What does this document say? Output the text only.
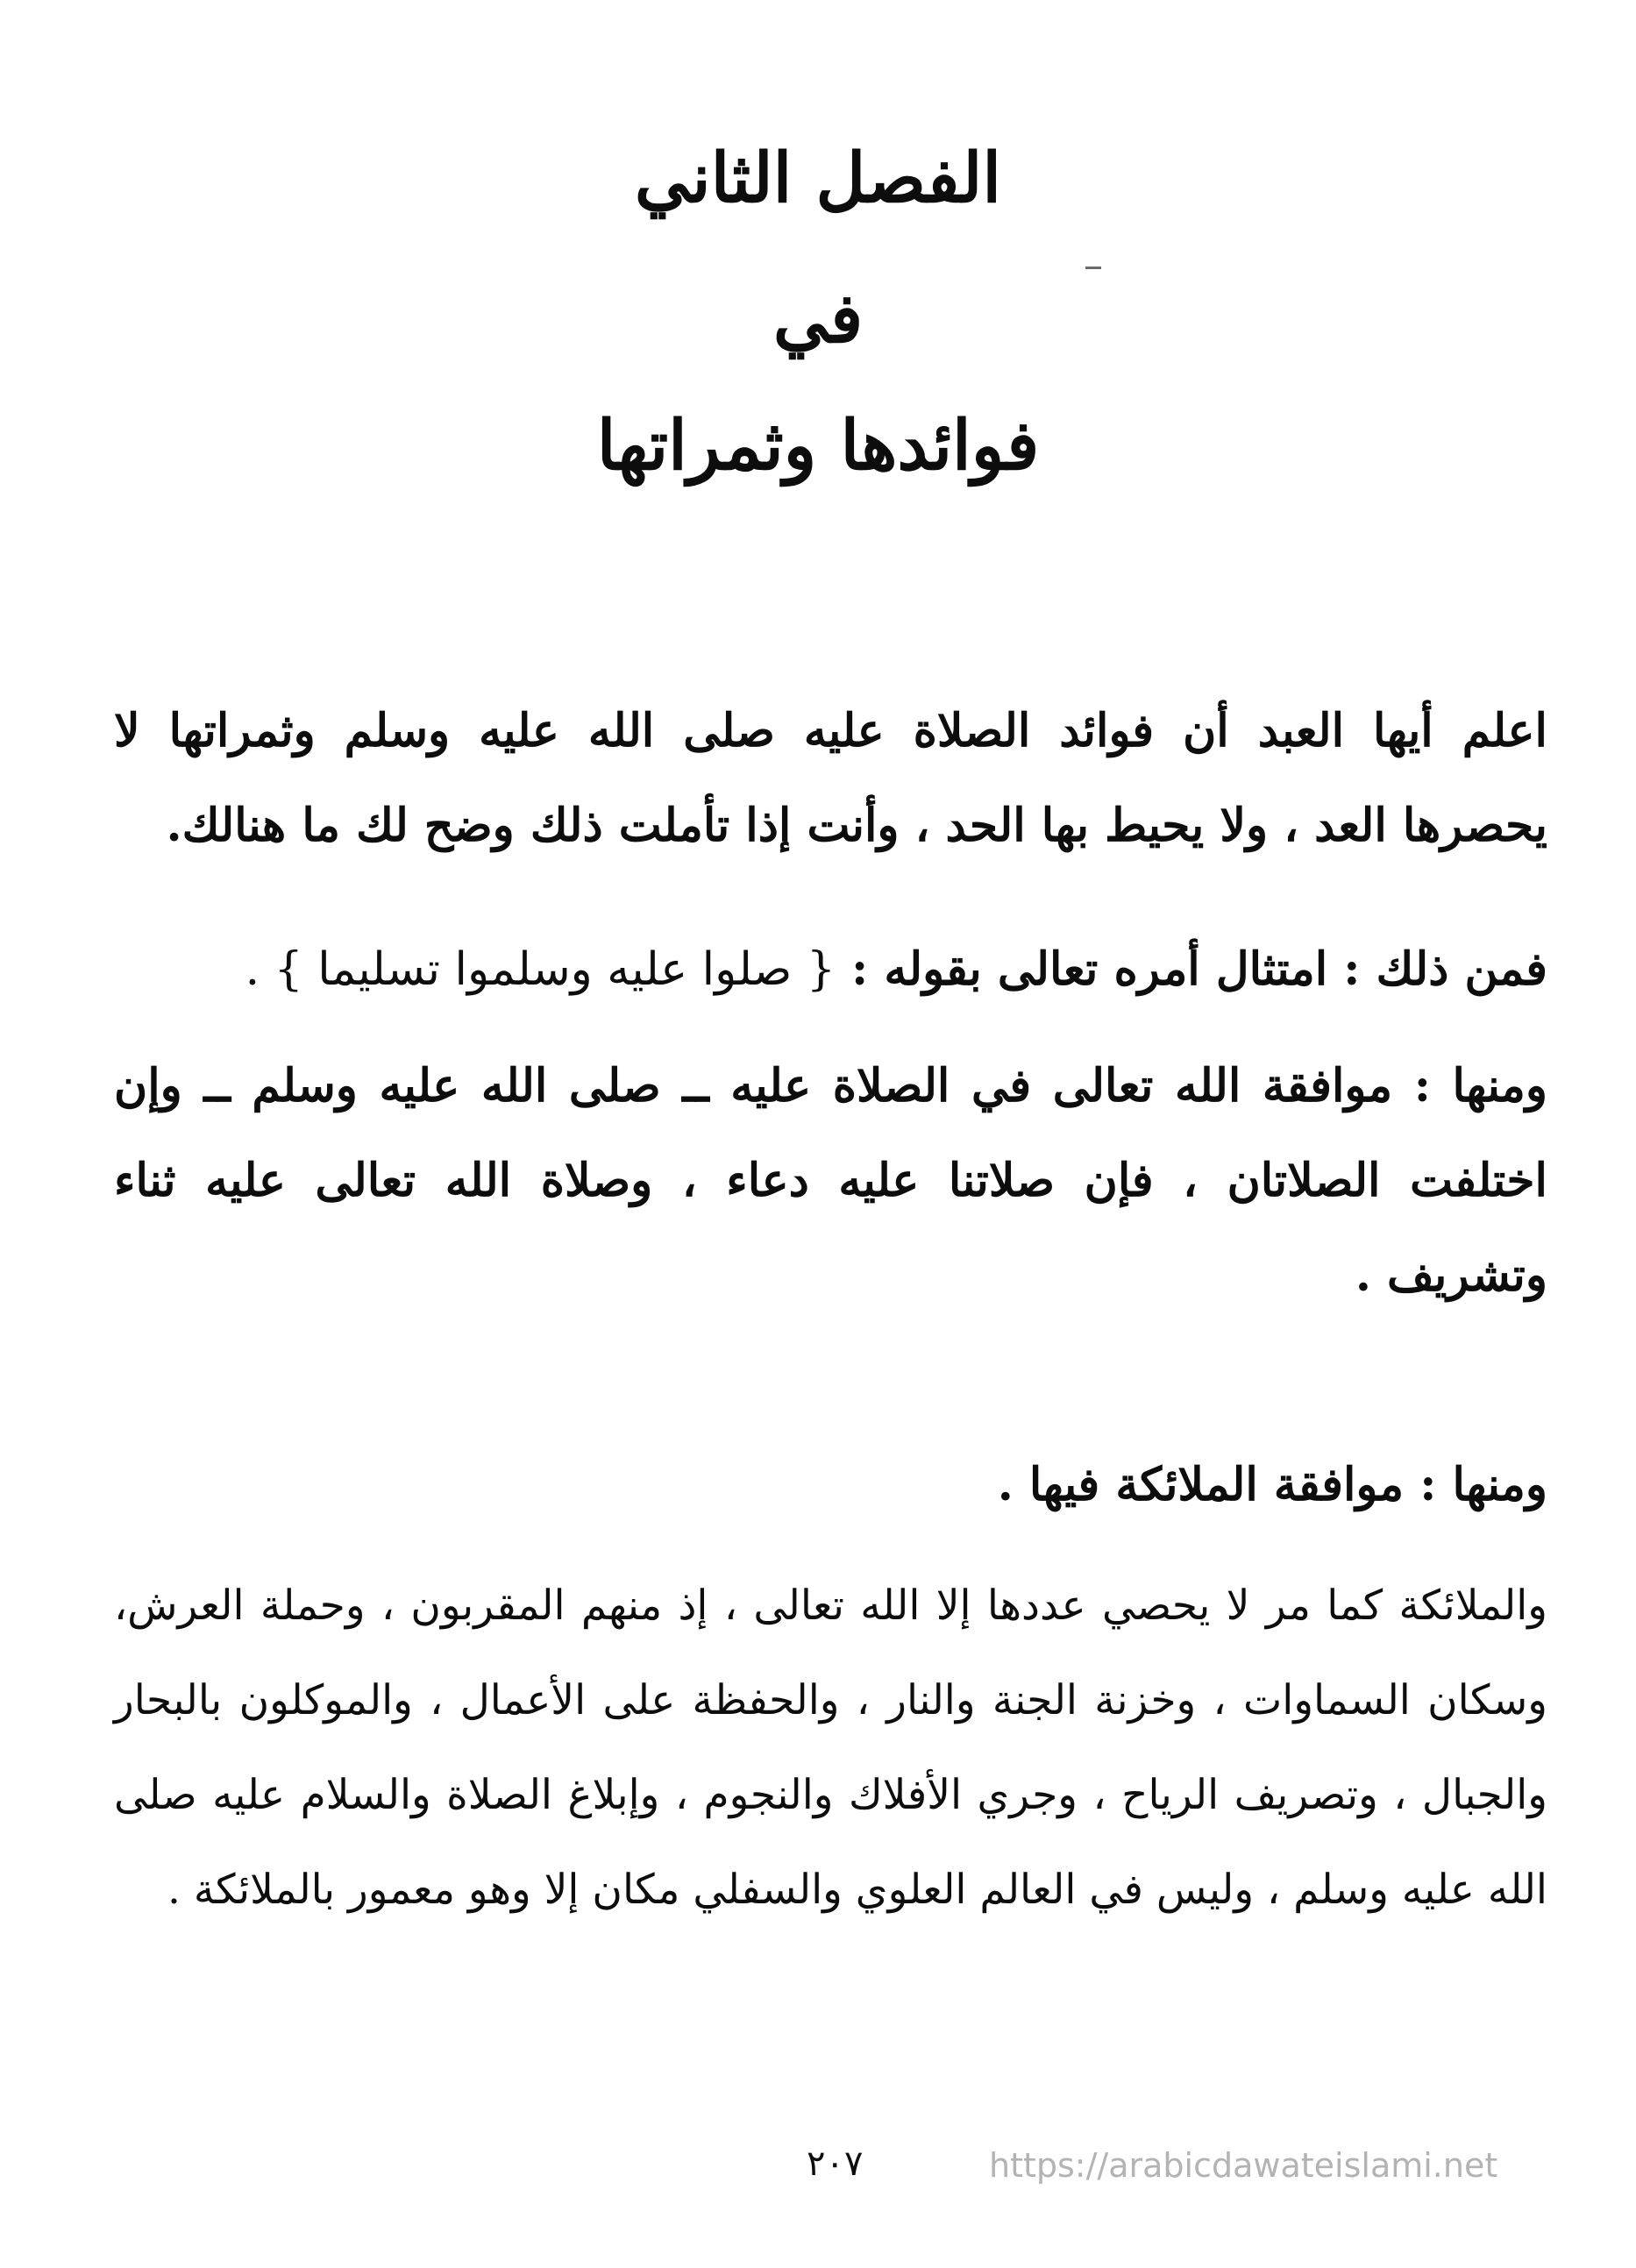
الفصل الثاني
في
فوائدها وثمراتها
اعلم أيها العبد أن فوائد الصلاة عليه صلى الله عليه وسلم وثمراتها لا يحصرها العد ، ولا يحيط بها الحد ، وأنت إذا تأملت ذلك وضح لك ما هنالك.
فمن ذلك : امتثال أمره تعالى بقوله : { صلوا عليه وسلموا تسليما } .
ومنها : موافقة الله تعالى في الصلاة عليه ــ صلى الله عليه وسلم ــ وإن اختلفت الصلاتان ، فإن صلاتنا عليه دعاء ، وصلاة الله تعالى عليه ثناء وتشريف .
ومنها : موافقة الملائكة فيها .
والملائكة كما مر لا يحصي عددها إلا الله تعالى ، إذ منهم المقربون ، وحملة العرش، وسكان السماوات ، وخزنة الجنة والنار ، والحفظة على الأعمال ، والموكلون بالبحار والجبال ، وتصريف الرياح ، وجري الأفلاك والنجوم ، وإبلاغ الصلاة والسلام عليه صلى الله عليه وسلم ، وليس في العالم العلوي والسفلي مكان إلا وهو معمور بالملائكة .
٢٠٧	https://arabicdawateislami.net
